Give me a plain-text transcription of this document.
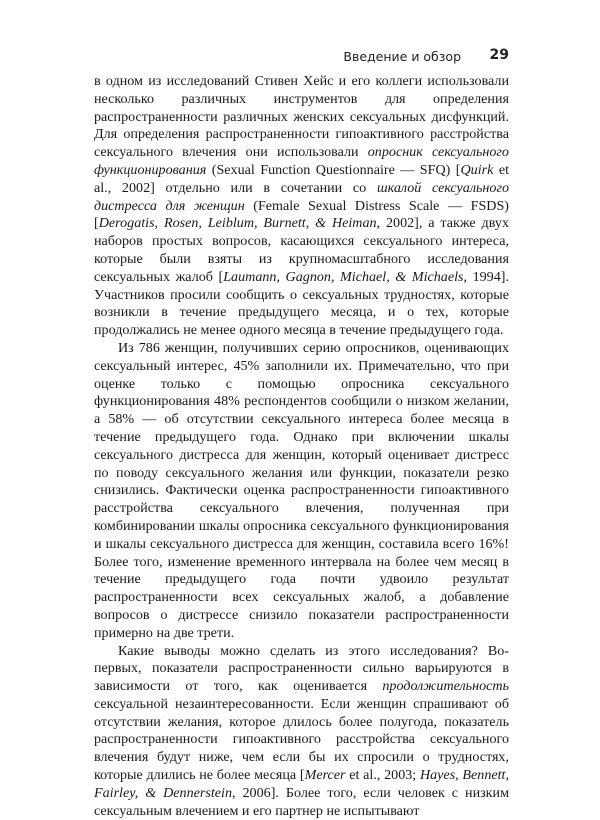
Введение и обзор 29

в одном из исследований Стивен Хейс и его коллеги использовали несколько различных инструментов для определения распространенности различных женских сексуальных дисфункций. Для определения распространенности гипоактивного расстройства сексуального влечения они использовали опросник сексуального функционирования (Sexual Function Questionnaire — SFQ) [Quirk et al., 2002] отдельно или в сочетании со шкалой сексуального дистресса для женщин (Female Sexual Distress Scale — FSDS) [Derogatis, Rosen, Leiblum, Burnett, & Heiman, 2002], а также двух наборов простых вопросов, касающихся сексуального интереса, которые были взяты из крупномасштабного исследования сексуальных жалоб [Laumann, Gagnon, Michael, & Michaels, 1994]. Участников просили сообщить о сексуальных трудностях, которые возникли в течение предыдущего месяца, и о тех, которые продолжались не менее одного месяца в течение предыдущего года.

Из 786 женщин, получивших серию опросников, оценивающих сексуальный интерес, 45% заполнили их. Примечательно, что при оценке только с помощью опросника сексуального функционирования 48% респондентов сообщили о низком желании, а 58% — об отсутствии сексуального интереса более месяца в течение предыдущего года. Однако при включении шкалы сексуального дистресса для женщин, который оценивает дистресс по поводу сексуального желания или функции, показатели резко снизились. Фактически оценка распространенности гипоактивного расстройства сексуального влечения, полученная при комбинировании шкалы опросника сексуального функционирования и шкалы сексуального дистресса для женщин, составила всего 16%! Более того, изменение временного интервала на более чем месяц в течение предыдущего года почти удвоило результат распространенности всех сексуальных жалоб, а добавление вопросов о дистрессе снизило показатели распространенности примерно на две трети.

Какие выводы можно сделать из этого исследования? Во-первых, показатели распространенности сильно варьируются в зависимости от того, как оценивается продолжительность сексуальной незаинтересованности. Если женщин спрашивают об отсутствии желания, которое длилось более полугода, показатель распространенности гипоактивного расстройства сексуального влечения будут ниже, чем если бы их спросили о трудностях, которые длились не более месяца [Mercer et al., 2003; Hayes, Bennett, Fairley, & Dennerstein, 2006]. Более того, если человек с низким сексуальным влечением и его партнер не испытывают
